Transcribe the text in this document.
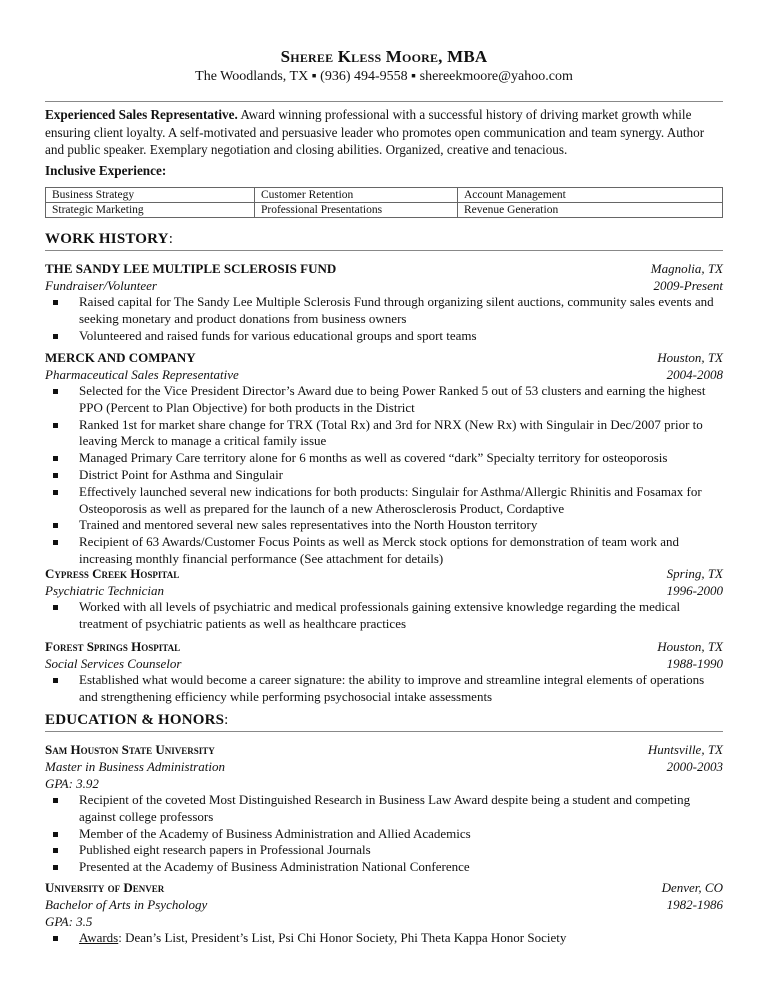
Sheree Kless Moore, MBA
The Woodlands, TX ▪ (936) 494-9558 ▪ shereekmoore@yahoo.com
Experienced Sales Representative. Award winning professional with a successful history of driving market growth while ensuring client loyalty. A self-motivated and persuasive leader who promotes open communication and team synergy. Author and public speaker. Exemplary negotiation and closing abilities. Organized, creative and tenacious.
Inclusive Experience:
Business Strategy	Customer Retention	Account Management
Strategic Marketing	Professional Presentations	Revenue Generation
WORK HISTORY:
THE SANDY LEE MULTIPLE SCLEROSIS FUND	Magnolia, TX
Fundraiser/Volunteer	2009-Present
Raised capital for The Sandy Lee Multiple Sclerosis Fund through organizing silent auctions, community sales events and seeking monetary and product donations from business owners
Volunteered and raised funds for various educational groups and sport teams
MERCK AND COMPANY	Houston, TX
Pharmaceutical Sales Representative	2004-2008
Selected for the Vice President Director’s Award due to being Power Ranked 5 out of 53 clusters and earning the highest PPO (Percent to Plan Objective) for both products in the District
Ranked 1st for market share change for TRX (Total Rx) and 3rd for NRX (New Rx) with Singulair in Dec/2007 prior to leaving Merck to manage a critical family issue
Managed Primary Care territory alone for 6 months as well as covered “dark” Specialty territory for osteoporosis
District Point for Asthma and Singulair
Effectively launched several new indications for both products: Singulair for Asthma/Allergic Rhinitis and Fosamax for Osteoporosis as well as prepared for the launch of a new Atherosclerosis Product, Cordaptive
Trained and mentored several new sales representatives into the North Houston territory
Recipient of 63 Awards/Customer Focus Points as well as Merck stock options for demonstration of team work and increasing monthly financial performance (See attachment for details)
Cypress Creek Hospital	Spring, TX
Psychiatric Technician	1996-2000
Worked with all levels of psychiatric and medical professionals gaining extensive knowledge regarding the medical treatment of psychiatric patients as well as healthcare practices
Forest Springs Hospital	Houston, TX
Social Services Counselor	1988-1990
Established what would become a career signature: the ability to improve and streamline integral elements of operations and strengthening efficiency while performing psychosocial intake assessments
EDUCATION & HONORS:
Sam Houston State University	Huntsville, TX
Master in Business Administration	2000-2003
GPA: 3.92
Recipient of the coveted Most Distinguished Research in Business Law Award despite being a student and competing against college professors
Member of the Academy of Business Administration and Allied Academics
Published eight research papers in Professional Journals
Presented at the Academy of Business Administration National Conference
University of Denver	Denver, CO
Bachelor of Arts in Psychology	1982-1986
GPA: 3.5
Awards: Dean’s List, President’s List, Psi Chi Honor Society, Phi Theta Kappa Honor Society
